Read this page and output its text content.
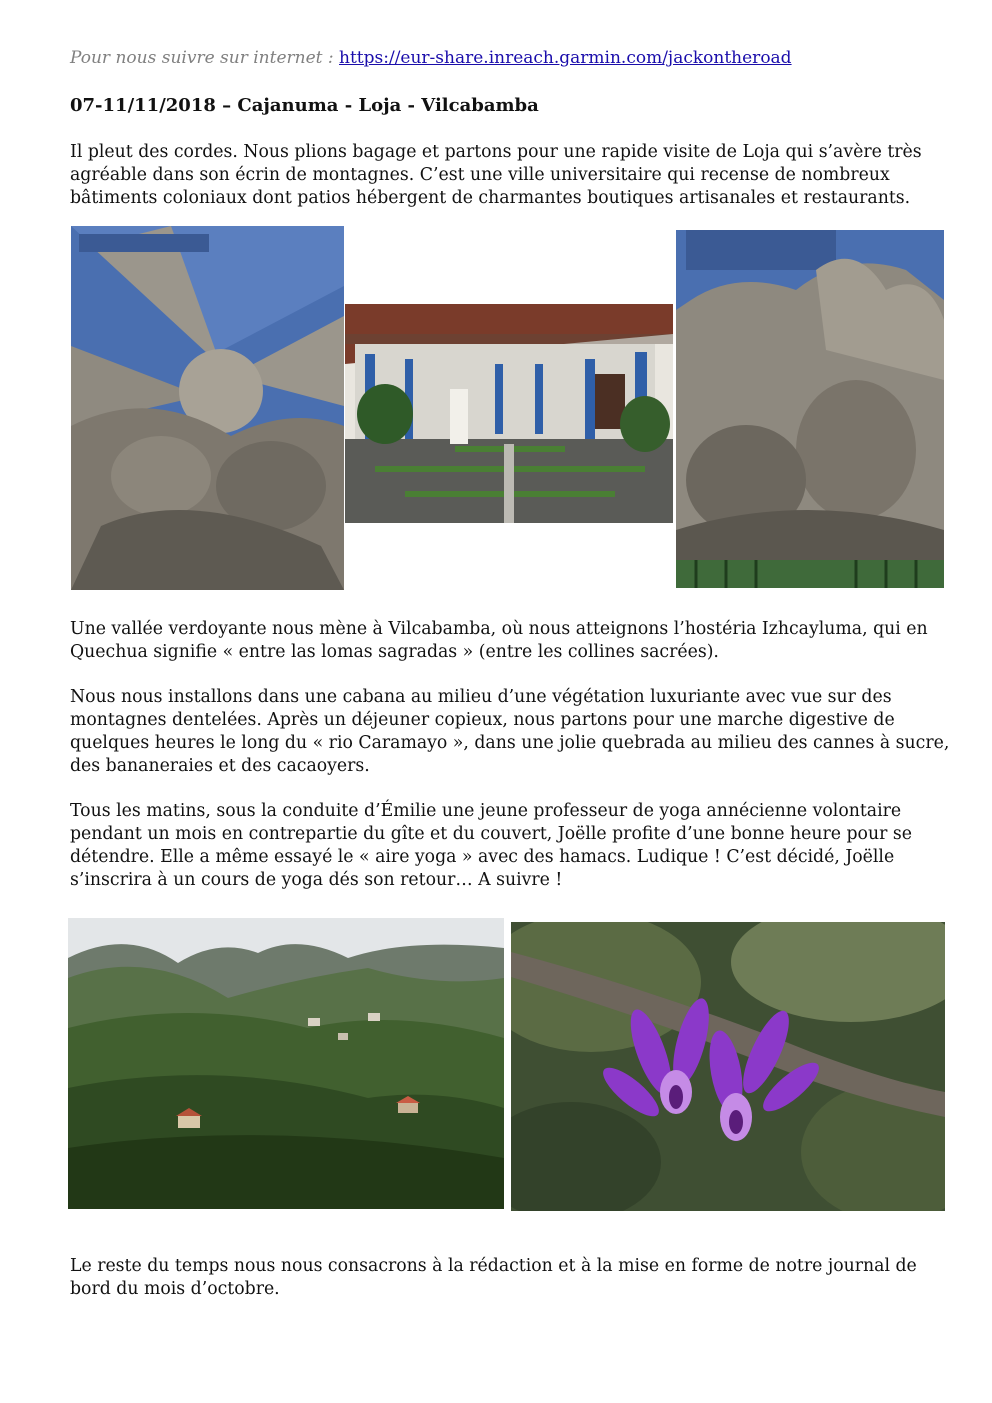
Pour nous suivre sur internet : https://eur-share.inreach.garmin.com/jackontheroad
07-11/11/2018 – Cajanuma - Loja - Vilcabamba

Il pleut des cordes. Nous plions bagage et partons pour une rapide visite de Loja qui s’avère très
agréable dans son écrin de montagnes. C’est une ville universitaire qui recense de nombreux
bâtiments coloniaux dont patios hébergent de charmantes boutiques artisanales et restaurants.

Une vallée verdoyante nous mène à Vilcabamba, où nous atteignons l’hostéria Izhcayluma, qui en
Quechua signifie « entre las lomas sagradas » (entre les collines sacrées).

Nous nous installons dans une cabana au milieu d’une végétation luxuriante avec vue sur des
montagnes dentelées. Après un déjeuner copieux, nous partons pour une marche digestive de
quelques heures le long du « rio Caramayo », dans une jolie quebrada au milieu des cannes à sucre,
des bananeraies et des cacaoyers.

Tous les matins, sous la conduite d’Émilie une jeune professeur de yoga annécienne volontaire
pendant un mois en contrepartie du gîte et du couvert, Joëlle profite d’une bonne heure pour se
détendre. Elle a même essayé le « aire yoga » avec des hamacs. Ludique ! C’est décidé, Joëlle
s’inscrira à un cours de yoga dés son retour… A suivre !

Le reste du temps nous nous consacrons à la rédaction et à la mise en forme de notre journal de
bord du mois d’octobre.
